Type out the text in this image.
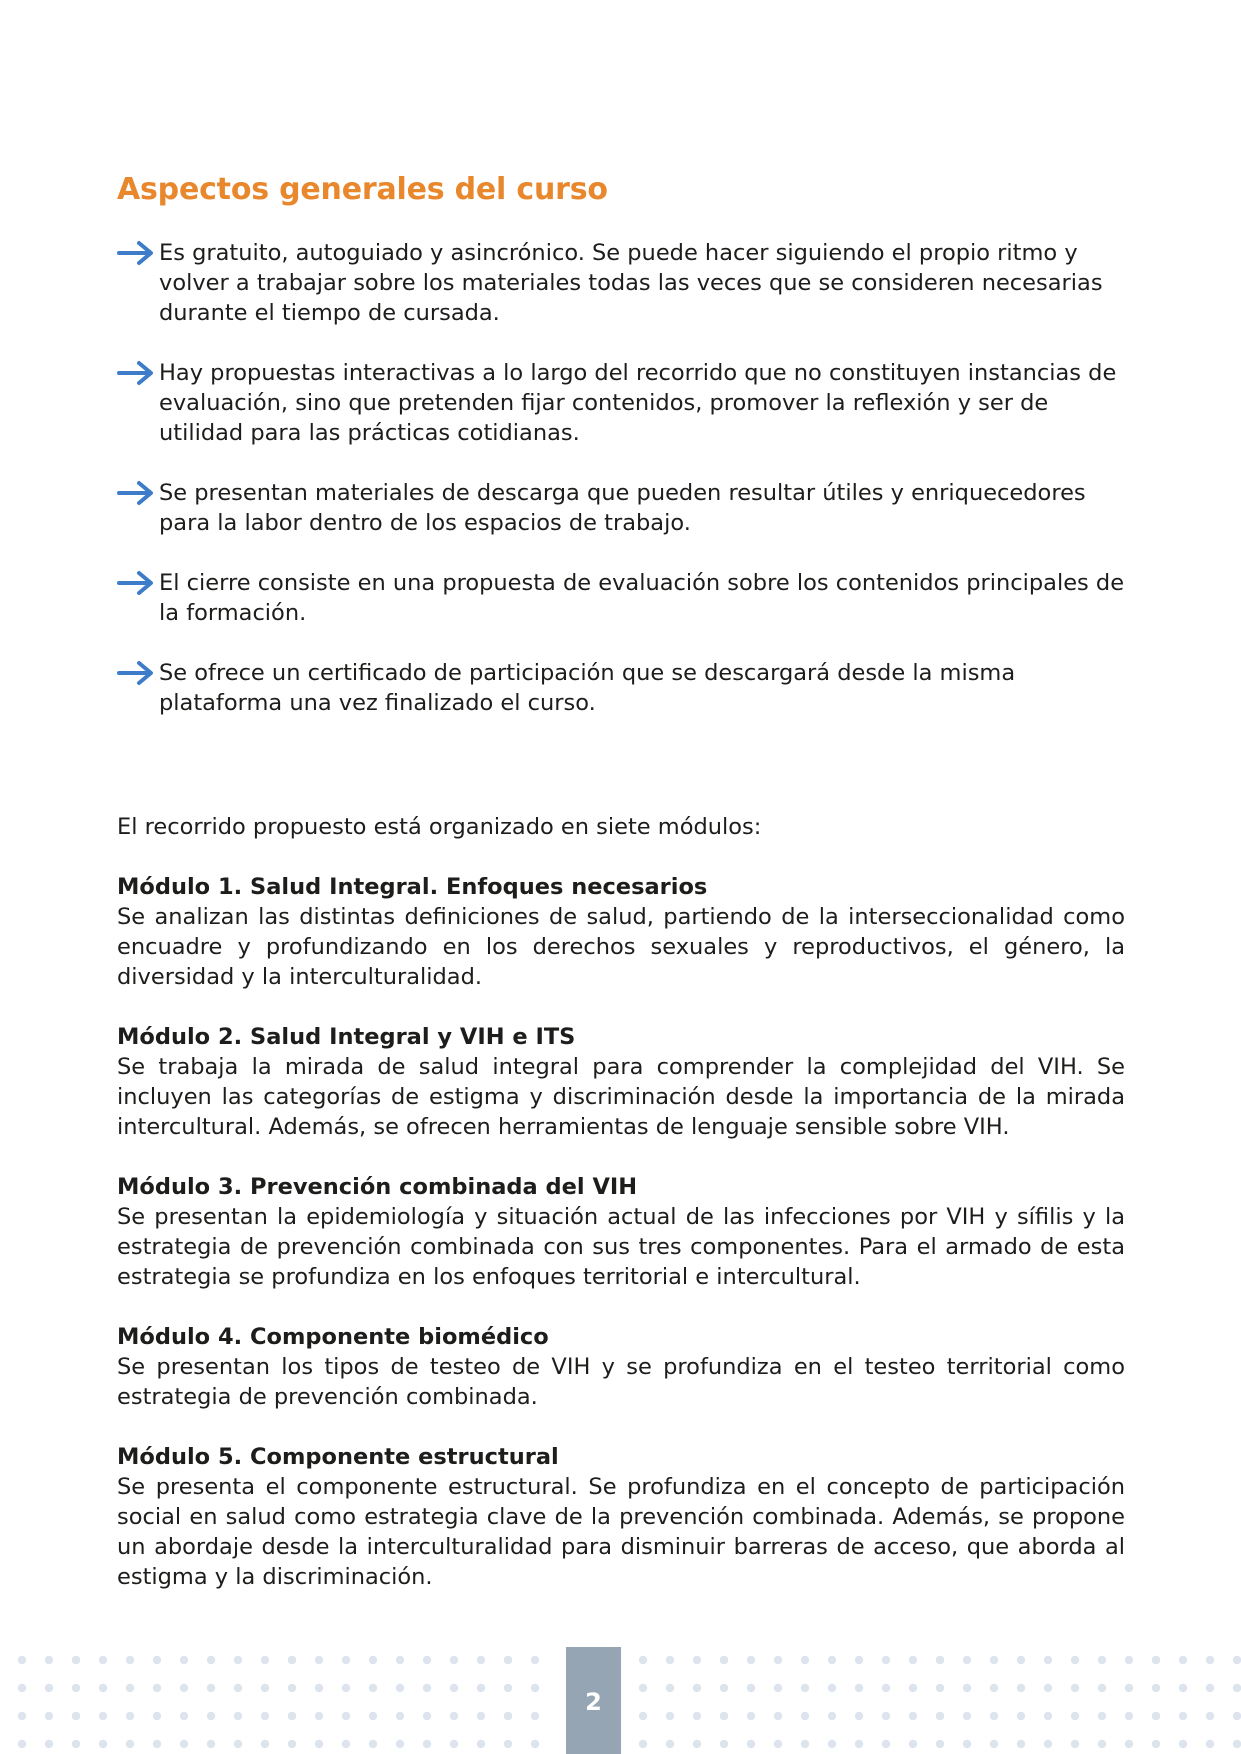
Aspectos generales del curso
Es gratuito, autoguiado y asincrónico. Se puede hacer siguiendo el propio ritmo y volver a trabajar sobre los materiales todas las veces que se consideren necesarias durante el tiempo de cursada.
Hay propuestas interactivas a lo largo del recorrido que no constituyen instancias de evaluación, sino que pretenden fijar contenidos, promover la reflexión y ser de utilidad para las prácticas cotidianas.
Se presentan materiales de descarga que pueden resultar útiles y enriquecedores para la labor dentro de los espacios de trabajo.
El cierre consiste en una propuesta de evaluación sobre los contenidos principales de la formación.
Se ofrece un certificado de participación que se descargará desde la misma plataforma una vez finalizado el curso.

El recorrido propuesto está organizado en siete módulos:

Módulo 1. Salud Integral. Enfoques necesarios

Se analizan las distintas definiciones de salud, partiendo de la interseccionalidad como encuadre y profundizando en los derechos sexuales y reproductivos, el género, la diversidad y la interculturalidad.

Módulo 2. Salud Integral y VIH e ITS

Se trabaja la mirada de salud integral para comprender la complejidad del VIH. Se incluyen las categorías de estigma y discriminación desde la importancia de la mirada intercultural. Además, se ofrecen herramientas de lenguaje sensible sobre VIH.

Módulo 3. Prevención combinada del VIH

Se presentan la epidemiología y situación actual de las infecciones por VIH y sífilis y la estrategia de prevención combinada con sus tres componentes. Para el armado de esta estrategia se profundiza en los enfoques territorial e intercultural.

Módulo 4. Componente biomédico

Se presentan los tipos de testeo de VIH y se profundiza en el testeo territorial como estrategia de prevención combinada.

Módulo 5. Componente estructural

Se presenta el componente estructural. Se profundiza en el concepto de participación social en salud como estrategia clave de la prevención combinada. Además, se propone un abordaje desde la interculturalidad para disminuir barreras de acceso, que aborda al estigma y la discriminación.

2
